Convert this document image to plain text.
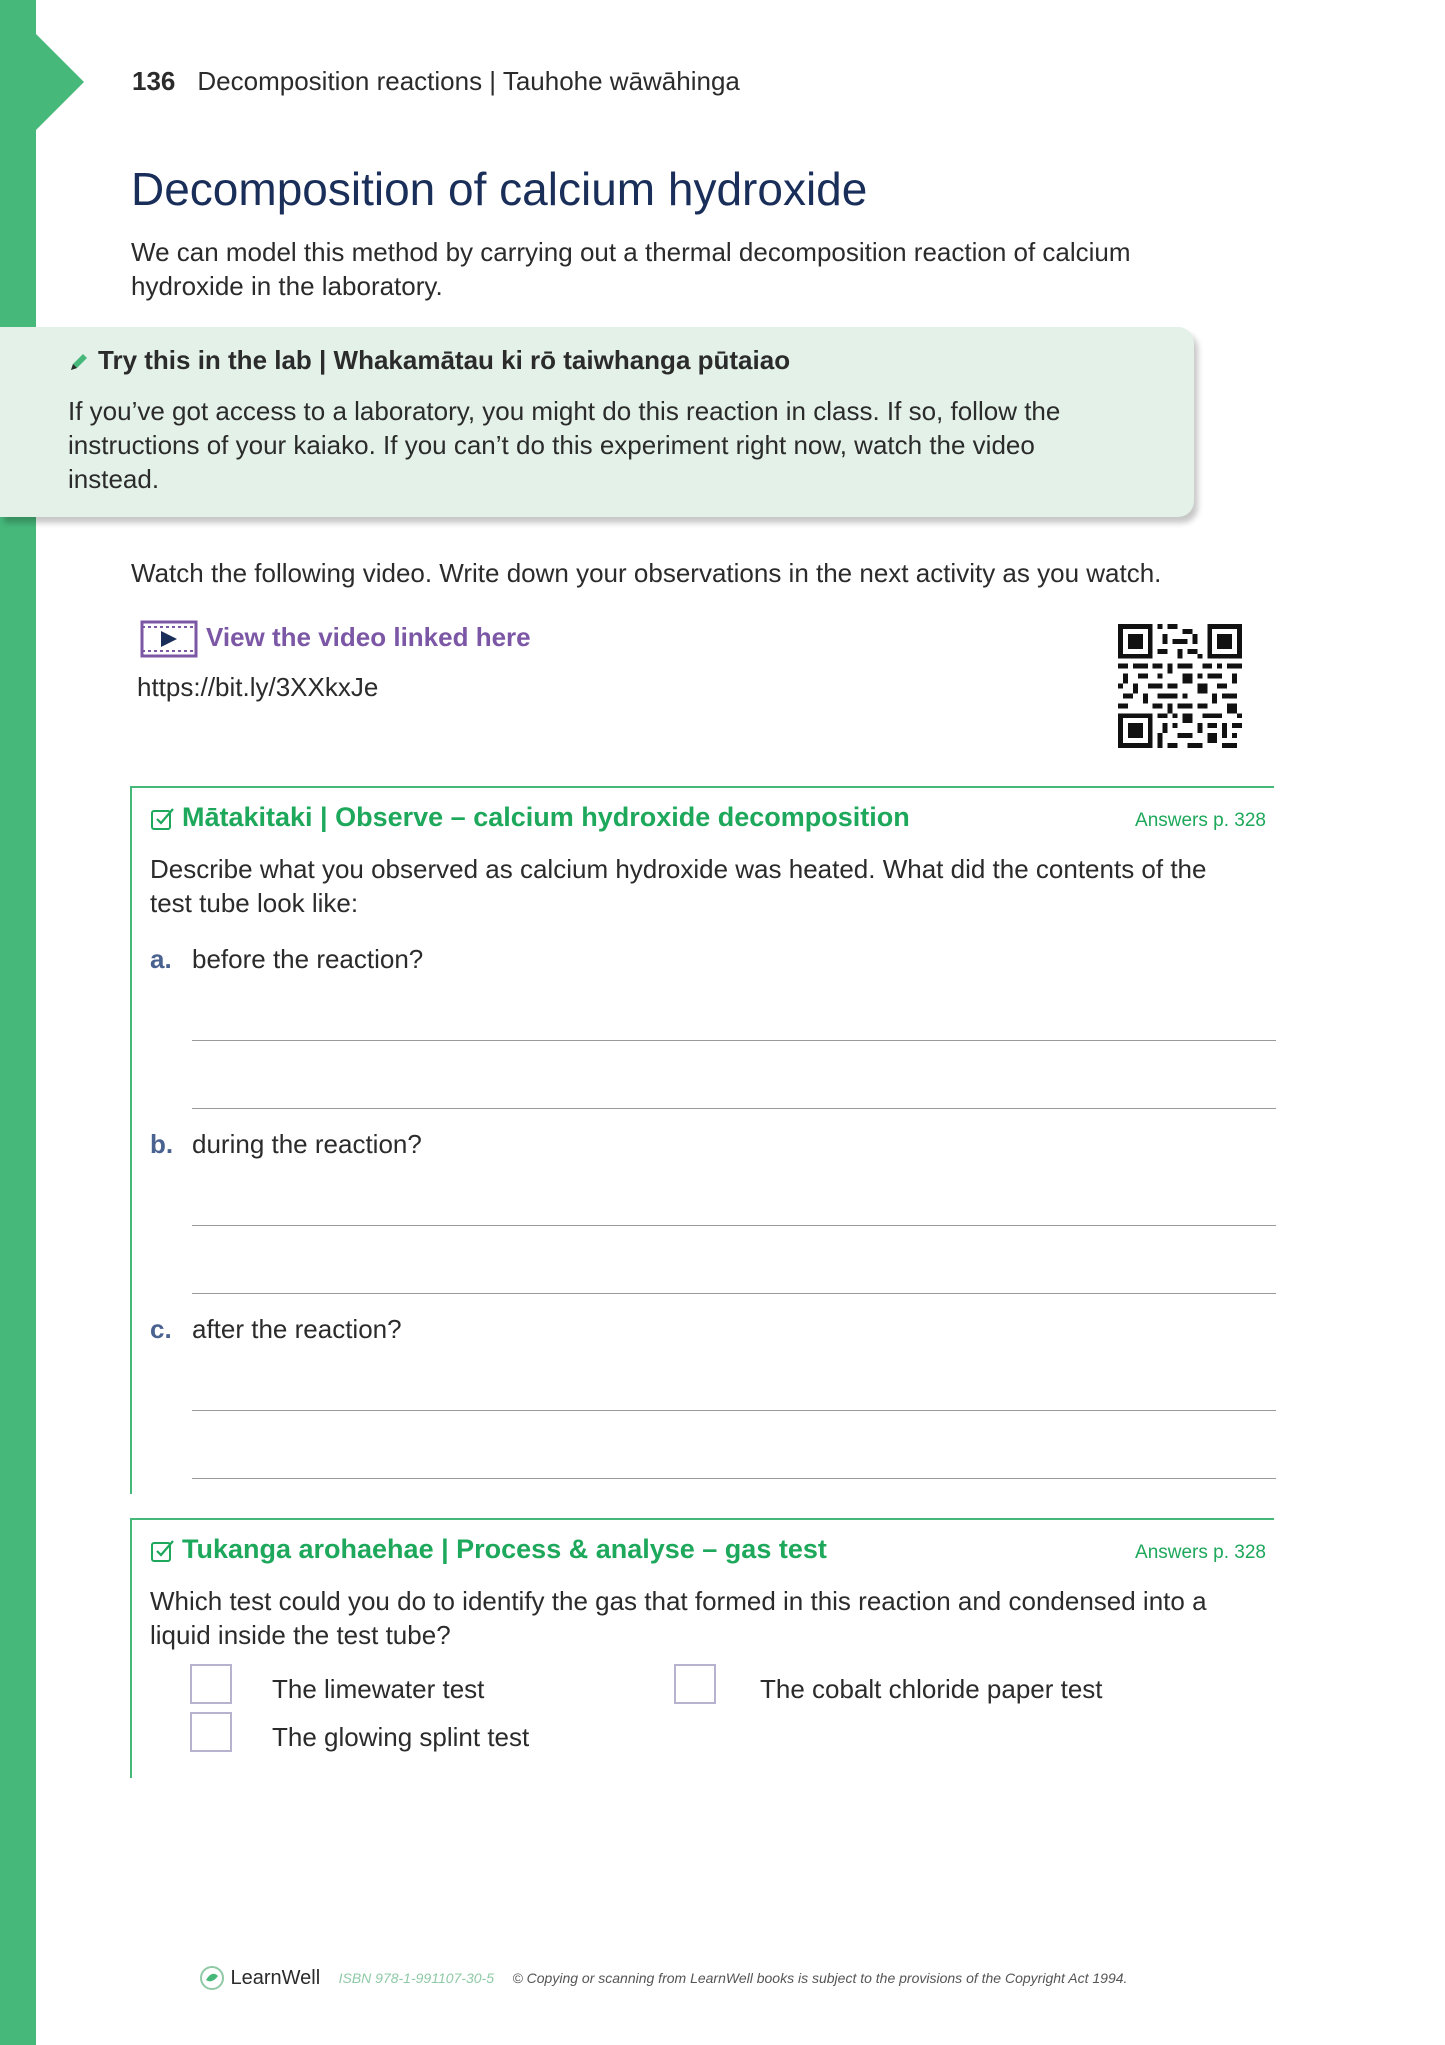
136 Decomposition reactions | Tauhohe wāwāhinga
Decomposition of calcium hydroxide
We can model this method by carrying out a thermal decomposition reaction of calcium
hydroxide in the laboratory.
Try this in the lab | Whakamātau ki rō taiwhanga pūtaiao
If you’ve got access to a laboratory, you might do this reaction in class. If so, follow the
instructions of your kaiako. If you can’t do this experiment right now, watch the video
instead.
Watch the following video. Write down your observations in the next activity as you watch.
View the video linked here
https://bit.ly/3XXkxJe
Mātakitaki | Observe – calcium hydroxide decomposition	Answers p. 328
Describe what you observed as calcium hydroxide was heated. What did the contents of the
test tube look like:
a. before the reaction?
b. during the reaction?
c. after the reaction?
Tukanga arohaehae | Process & analyse – gas test	Answers p. 328
Which test could you do to identify the gas that formed in this reaction and condensed into a
liquid inside the test tube?
The limewater test	The cobalt chloride paper test
The glowing splint test
LearnWell ISBN 978-1-991107-30-5 © Copying or scanning from LearnWell books is subject to the provisions of the Copyright Act 1994.
